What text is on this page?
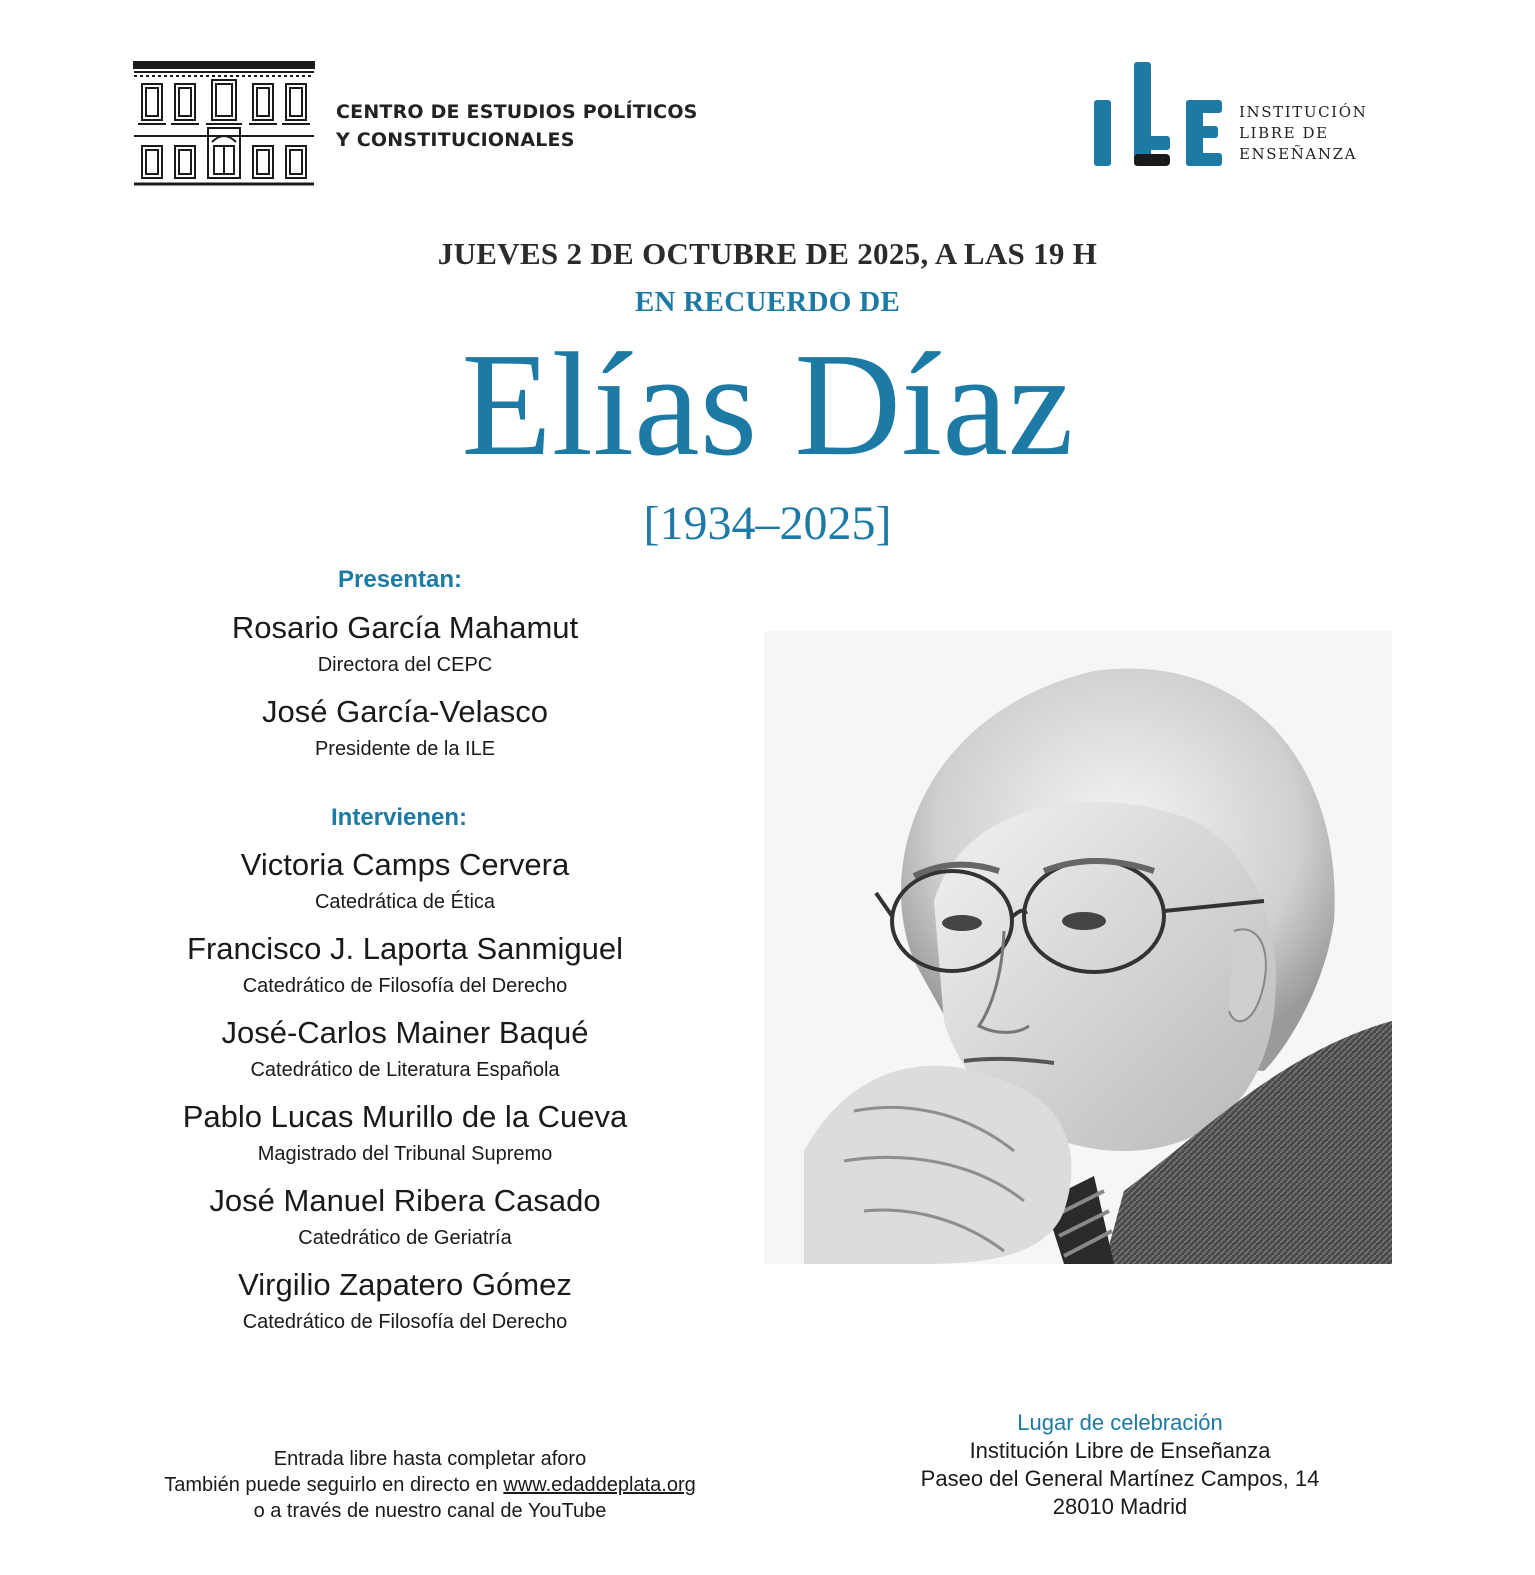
CENTRO DE ESTUDIOS POLÍTICOS
Y CONSTITUCIONALES
INSTITUCIÓN
LIBRE DE
ENSEÑANZA
JUEVES 2 DE OCTUBRE DE 2025, A LAS 19 H
EN RECUERDO DE
Elías Díaz
[1934–2025]
Presentan:
Rosario García Mahamut
Directora del CEPC
José García-Velasco
Presidente de la ILE
Intervienen:
Victoria Camps Cervera
Catedrática de Ética
Francisco J. Laporta Sanmiguel
Catedrático de Filosofía del Derecho
José-Carlos Mainer Baqué
Catedrático de Literatura Española
Pablo Lucas Murillo de la Cueva
Magistrado del Tribunal Supremo
José Manuel Ribera Casado
Catedrático de Geriatría
Virgilio Zapatero Gómez
Catedrático de Filosofía del Derecho
Entrada libre hasta completar aforo
También puede seguirlo en directo en www.edaddeplata.org
o a través de nuestro canal de YouTube
Lugar de celebración
Institución Libre de Enseñanza
Paseo del General Martínez Campos, 14
28010 Madrid
